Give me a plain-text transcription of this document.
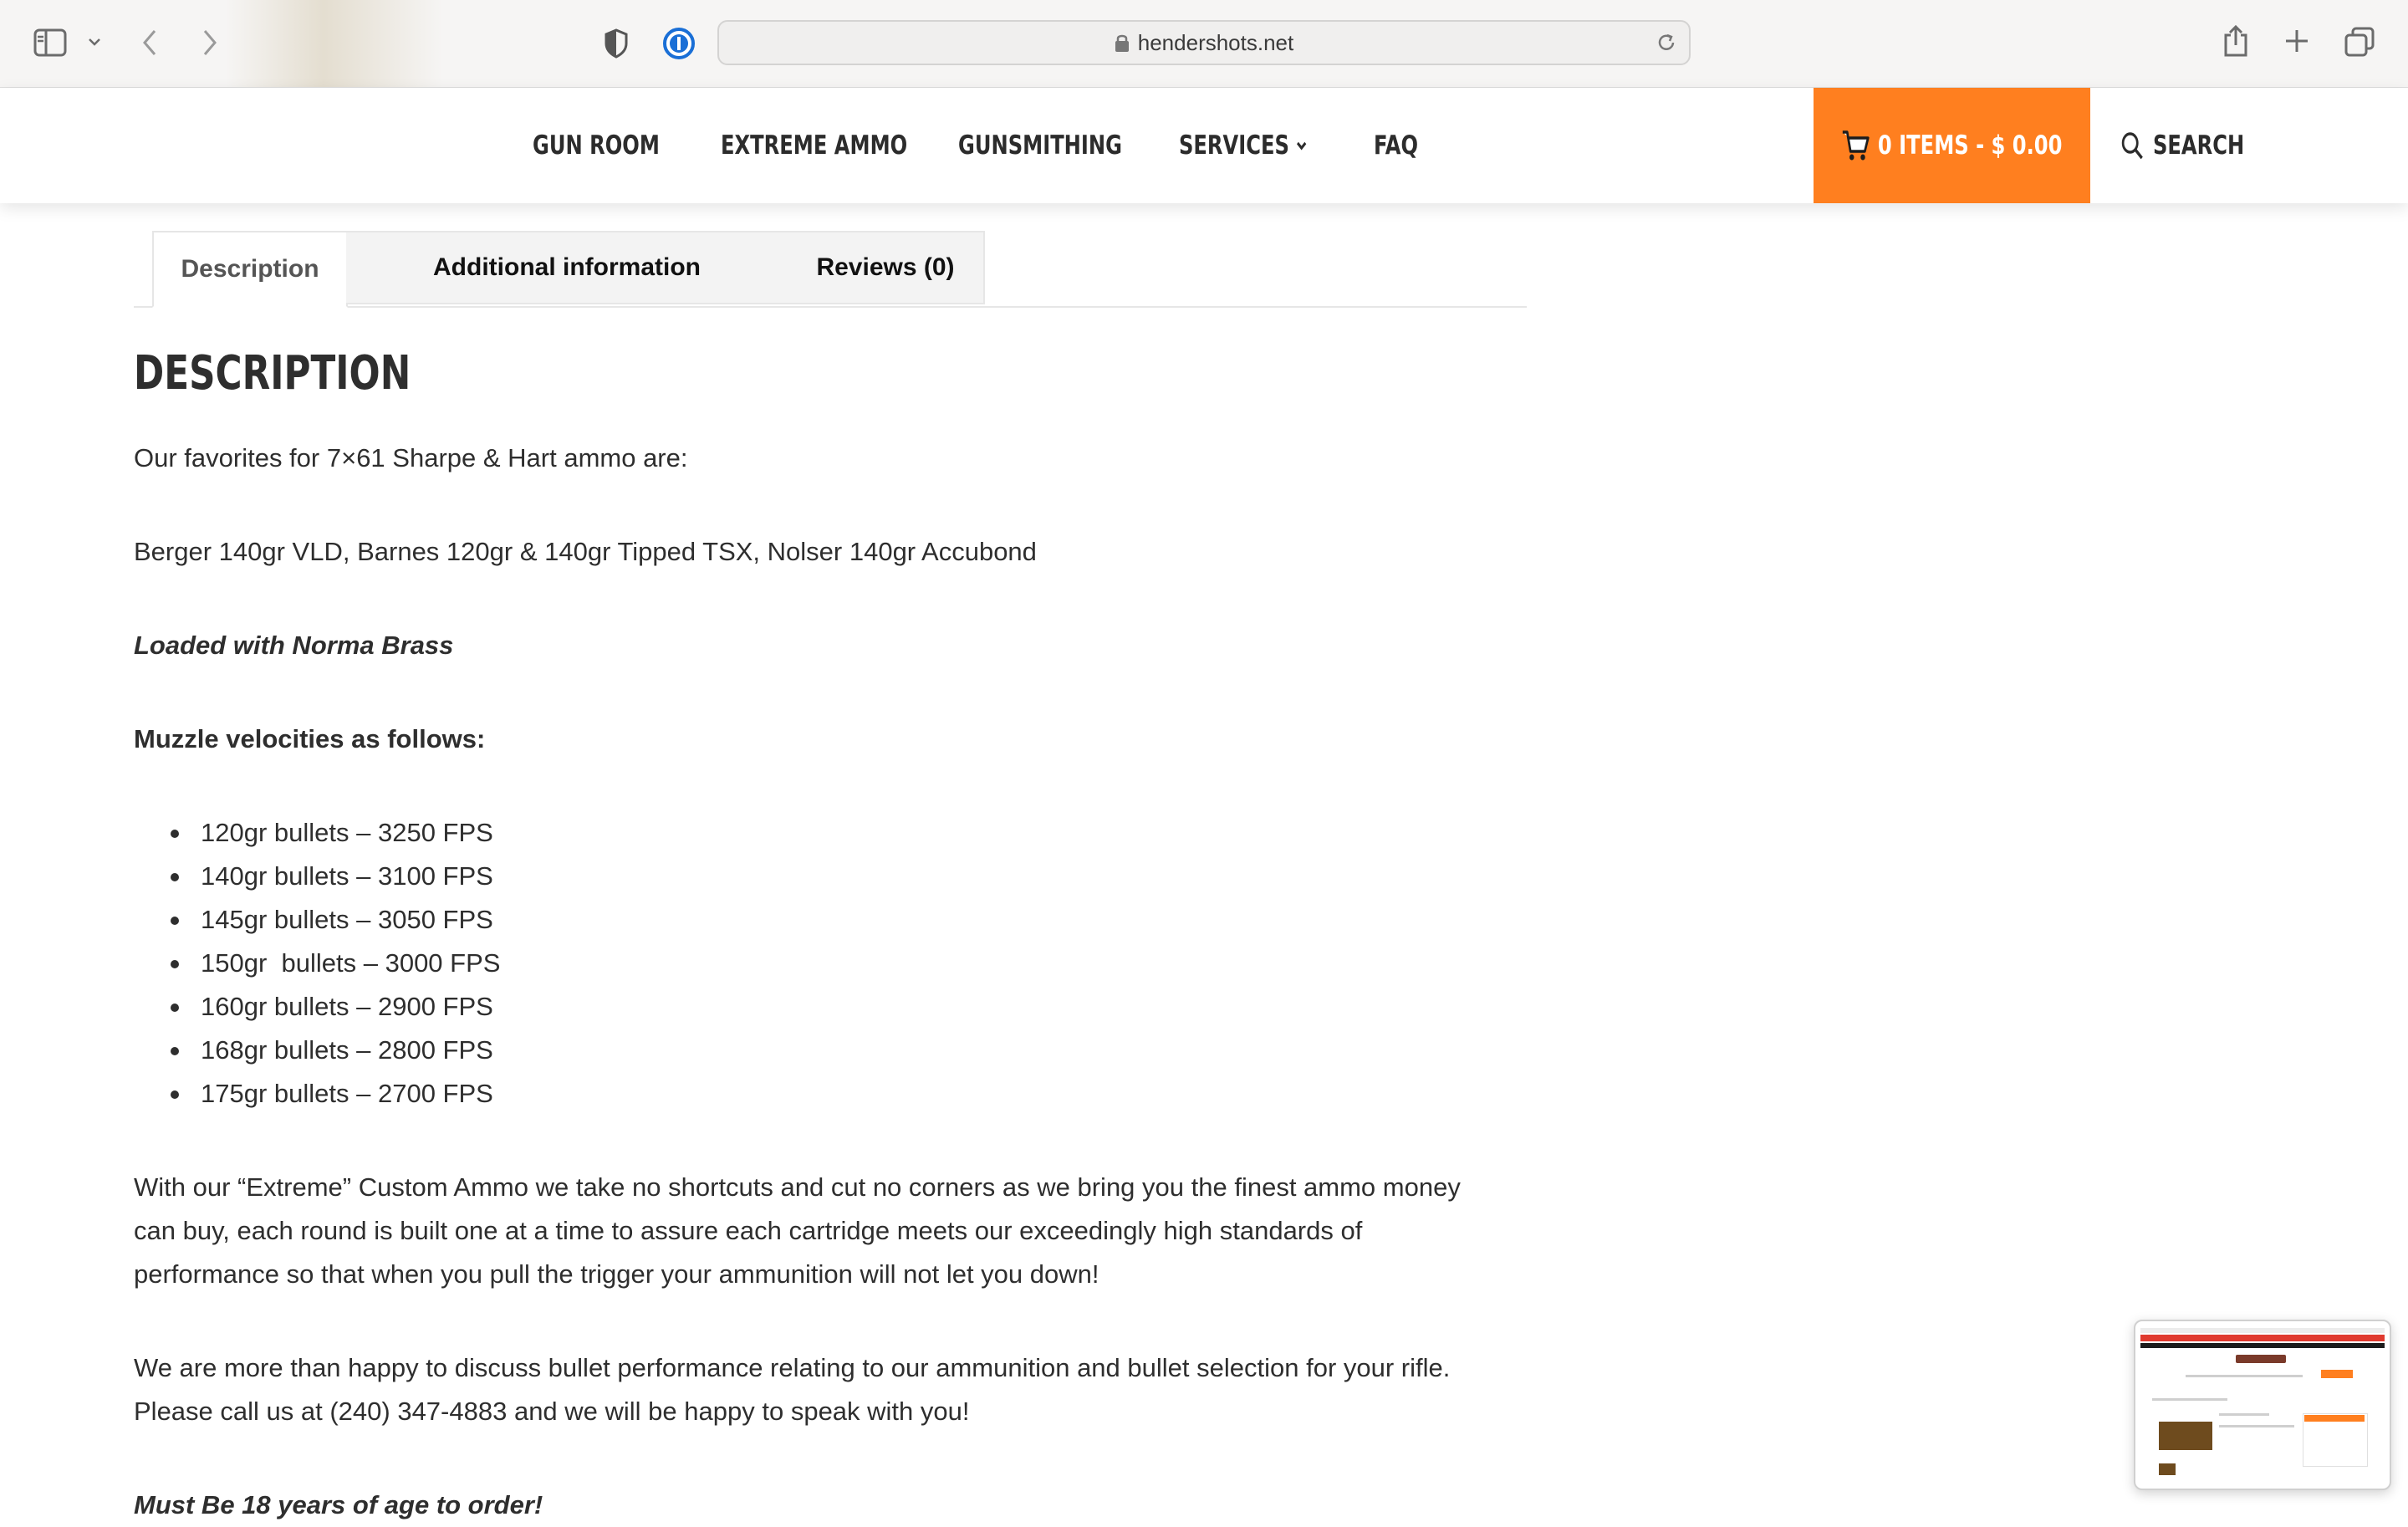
hendershots.net
GUN ROOM EXTREME AMMO GUNSMITHING SERVICES	FAQ	0 ITEMS - $ 0.00	SEARCH
Description	Additional information	Reviews (0)
DESCRIPTION

Our favorites for 7×61 Sharpe & Hart ammo are:

Berger 140gr VLD, Barnes 120gr & 140gr Tipped TSX, Nolser 140gr Accubond

Loaded with Norma Brass

Muzzle velocities as follows:

120gr bullets – 3250 FPS
140gr bullets – 3100 FPS
145gr bullets – 3050 FPS
150gr  bullets – 3000 FPS
160gr bullets – 2900 FPS
168gr bullets – 2800 FPS
175gr bullets – 2700 FPS
With our “Extreme” Custom Ammo we take no shortcuts and cut no corners as we bring you the finest ammo money
can buy, each round is built one at a time to assure each cartridge meets our exceedingly high standards of
performance so that when you pull the trigger your ammunition will not let you down!
We are more than happy to discuss bullet performance relating to our ammunition and bullet selection for your rifle.
Please call us at (240) 347-4883 and we will be happy to speak with you!

Must Be 18 years of age to order!
